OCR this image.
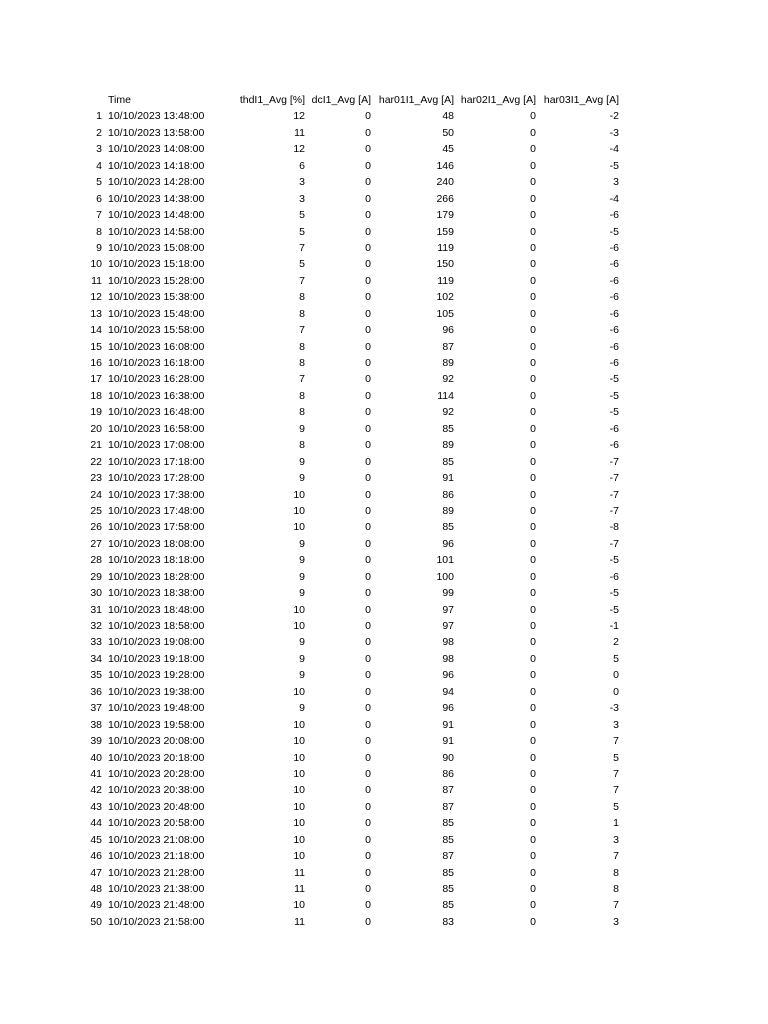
Time	thdI1_Avg [%] dcI1_Avg [A] har01I1_Avg [A] har02I1_Avg [A] har03I1_Avg [A]
1 10/10/2023 13:48:00	12	0	48	0	-2
2 10/10/2023 13:58:00	11	0	50	0	-3
3 10/10/2023 14:08:00	12	0	45	0	-4
4 10/10/2023 14:18:00	6	0	146	0	-5
5 10/10/2023 14:28:00	3	0	240	0	3
6 10/10/2023 14:38:00	3	0	266	0	-4
7 10/10/2023 14:48:00	5	0	179	0	-6
8 10/10/2023 14:58:00	5	0	159	0	-5
9 10/10/2023 15:08:00	7	0	119	0	-6
10 10/10/2023 15:18:00	5	0	150	0	-6
11 10/10/2023 15:28:00	7	0	119	0	-6
12 10/10/2023 15:38:00	8	0	102	0	-6
13 10/10/2023 15:48:00	8	0	105	0	-6
14 10/10/2023 15:58:00	7	0	96	0	-6
15 10/10/2023 16:08:00	8	0	87	0	-6
16 10/10/2023 16:18:00	8	0	89	0	-6
17 10/10/2023 16:28:00	7	0	92	0	-5
18 10/10/2023 16:38:00	8	0	114	0	-5
19 10/10/2023 16:48:00	8	0	92	0	-5
20 10/10/2023 16:58:00	9	0	85	0	-6
21 10/10/2023 17:08:00	8	0	89	0	-6
22 10/10/2023 17:18:00	9	0	85	0	-7
23 10/10/2023 17:28:00	9	0	91	0	-7
24 10/10/2023 17:38:00	10	0	86	0	-7
25 10/10/2023 17:48:00	10	0	89	0	-7
26 10/10/2023 17:58:00	10	0	85	0	-8
27 10/10/2023 18:08:00	9	0	96	0	-7
28 10/10/2023 18:18:00	9	0	101	0	-5
29 10/10/2023 18:28:00	9	0	100	0	-6
30 10/10/2023 18:38:00	9	0	99	0	-5
31 10/10/2023 18:48:00	10	0	97	0	-5
32 10/10/2023 18:58:00	10	0	97	0	-1
33 10/10/2023 19:08:00	9	0	98	0	2
34 10/10/2023 19:18:00	9	0	98	0	5
35 10/10/2023 19:28:00	9	0	96	0	0
36 10/10/2023 19:38:00	10	0	94	0	0
37 10/10/2023 19:48:00	9	0	96	0	-3
38 10/10/2023 19:58:00	10	0	91	0	3
39 10/10/2023 20:08:00	10	0	91	0	7
40 10/10/2023 20:18:00	10	0	90	0	5
41 10/10/2023 20:28:00	10	0	86	0	7
42 10/10/2023 20:38:00	10	0	87	0	7
43 10/10/2023 20:48:00	10	0	87	0	5
44 10/10/2023 20:58:00	10	0	85	0	1
45 10/10/2023 21:08:00	10	0	85	0	3
46 10/10/2023 21:18:00	10	0	87	0	7
47 10/10/2023 21:28:00	11	0	85	0	8
48 10/10/2023 21:38:00	11	0	85	0	8
49 10/10/2023 21:48:00	10	0	85	0	7
50 10/10/2023 21:58:00	11	0	83	0	3
